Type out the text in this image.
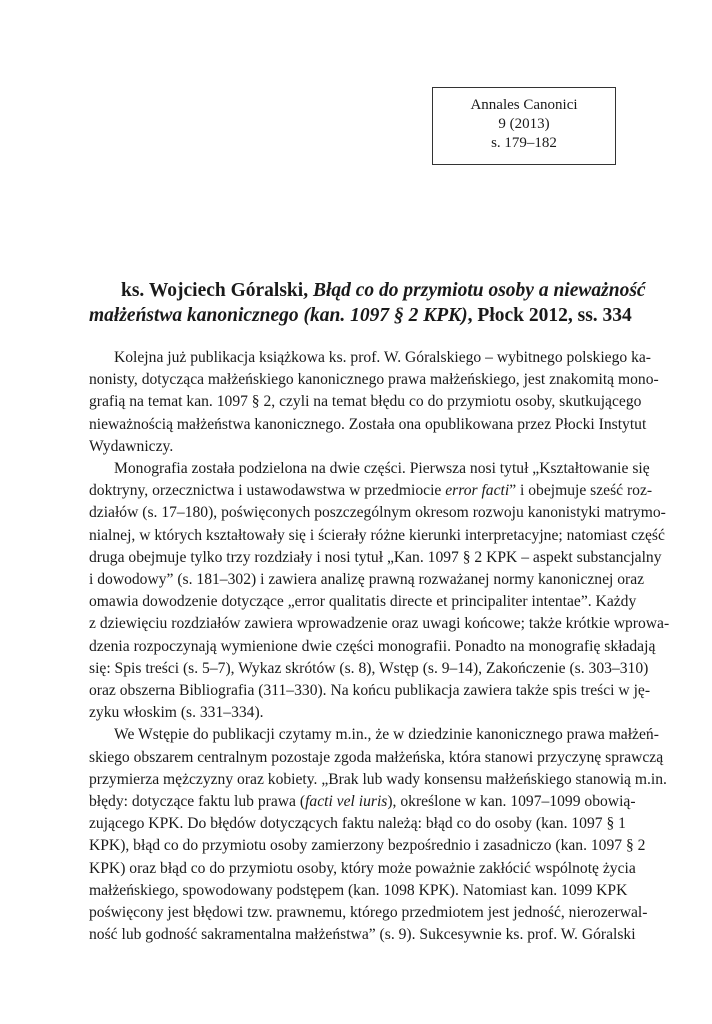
Annales Canonici
9 (2013)
s. 179–182
ks. Wojciech Góralski, Błąd co do przymiotu osoby a nieważność
małżeństwa kanonicznego (kan. 1097 § 2 KPK), Płock 2012, ss. 334
Kolejna już publikacja książkowa ks. prof. W. Góralskiego – wybitnego polskiego ka-
nonisty, dotycząca małżeńskiego kanonicznego prawa małżeńskiego, jest znakomitą mono-
grafią na temat kan. 1097 § 2, czyli na temat błędu co do przymiotu osoby, skutkującego
nieważnością małżeństwa kanonicznego. Została ona opublikowana przez Płocki Instytut
Wydawniczy.
Monografia została podzielona na dwie części. Pierwsza nosi tytuł „Kształtowanie się
doktryny, orzecznictwa i ustawodawstwa w przedmiocie error facti” i obejmuje sześć roz-
działów (s. 17–180), poświęconych poszczególnym okresom rozwoju kanonistyki matrymo-
nialnej, w których kształtowały się i ścierały różne kierunki interpretacyjne; natomiast część
druga obejmuje tylko trzy rozdziały i nosi tytuł „Kan. 1097 § 2 KPK – aspekt substancjalny
i dowodowy” (s. 181–302) i zawiera analizę prawną rozważanej normy kanonicznej oraz
omawia dowodzenie dotyczące „error qualitatis directe et principaliter intentae”. Każdy
z dziewięciu rozdziałów zawiera wprowadzenie oraz uwagi końcowe; także krótkie wprowa-
dzenia rozpoczynają wymienione dwie części monografii. Ponadto na monografię składają
się: Spis treści (s. 5–7), Wykaz skrótów (s. 8), Wstęp (s. 9–14), Zakończenie (s. 303–310)
oraz obszerna Bibliografia (311–330). Na końcu publikacja zawiera także spis treści w ję-
zyku włoskim (s. 331–334).
We Wstępie do publikacji czytamy m.in., że w dziedzinie kanonicznego prawa małżeń-
skiego obszarem centralnym pozostaje zgoda małżeńska, która stanowi przyczynę sprawczą
przymierza mężczyzny oraz kobiety. „Brak lub wady konsensu małżeńskiego stanowią m.in.
błędy: dotyczące faktu lub prawa (facti vel iuris), określone w kan. 1097–1099 obowią-
zującego KPK. Do błędów dotyczących faktu należą: błąd co do osoby (kan. 1097 § 1
KPK), błąd co do przymiotu osoby zamierzony bezpośrednio i zasadniczo (kan. 1097 § 2
KPK) oraz błąd co do przymiotu osoby, który może poważnie zakłócić wspólnotę życia
małżeńskiego, spowodowany podstępem (kan. 1098 KPK). Natomiast kan. 1099 KPK
poświęcony jest błędowi tzw. prawnemu, którego przedmiotem jest jedność, nierozerwal-
ność lub godność sakramentalna małżeństwa” (s. 9). Sukcesywnie ks. prof. W. Góralski
